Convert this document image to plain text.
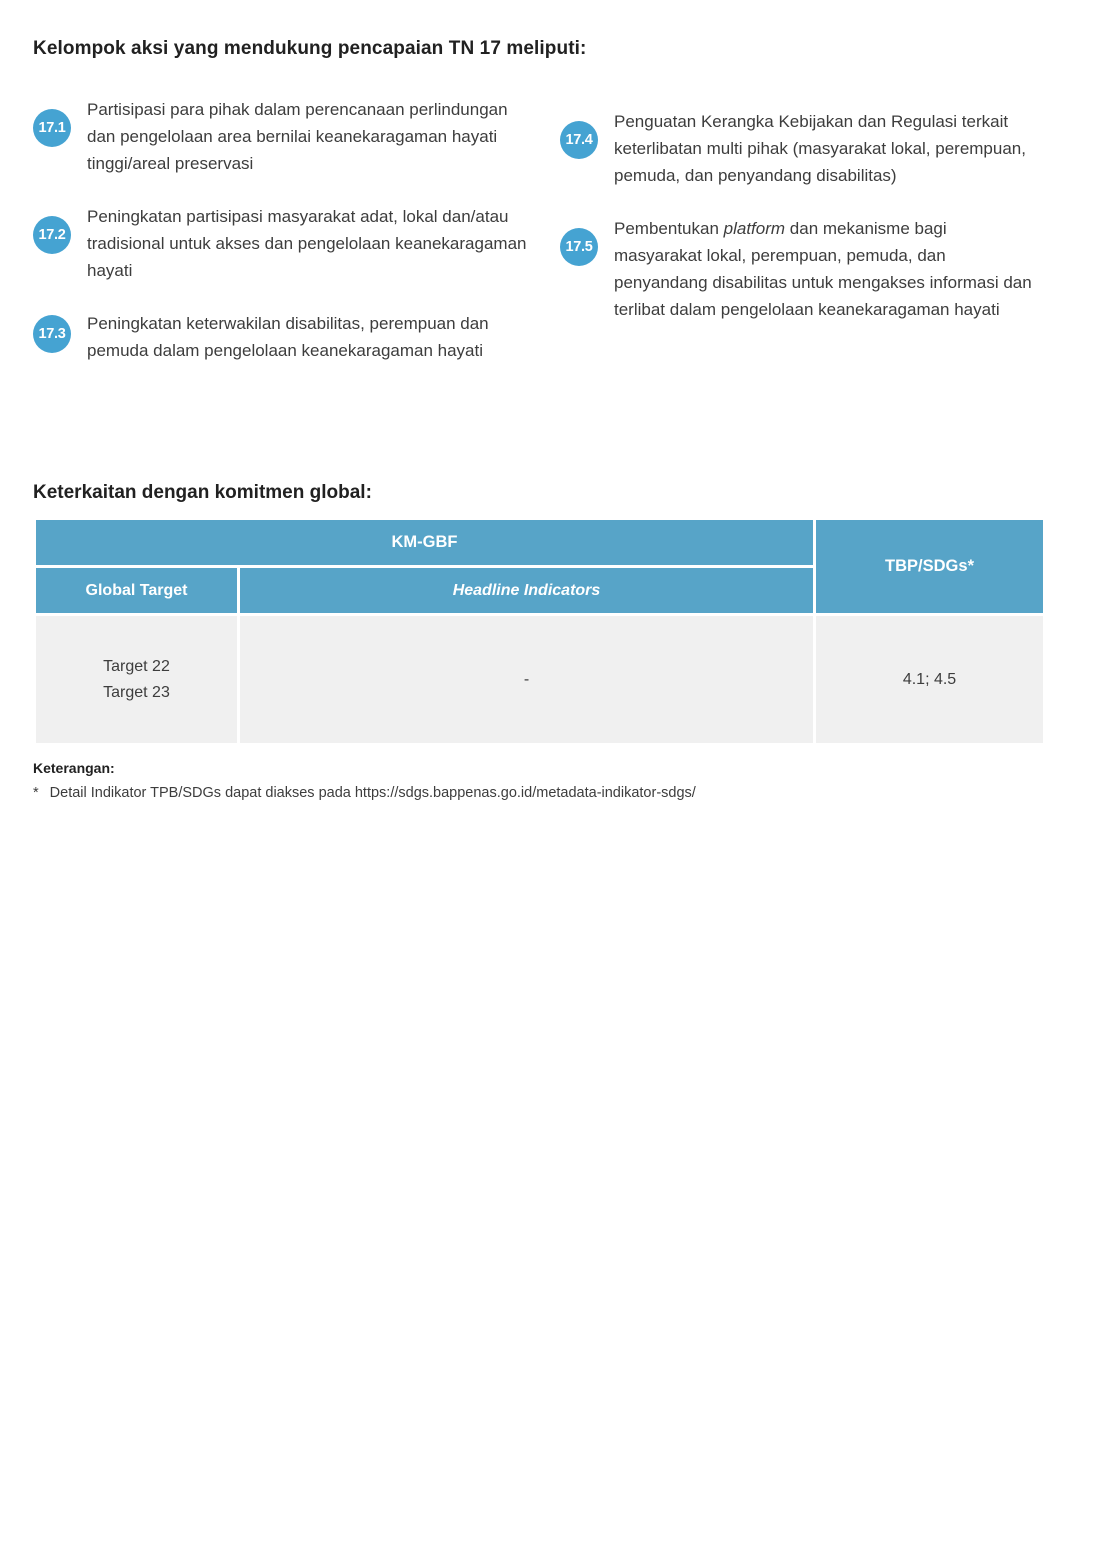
Kelompok aksi yang mendukung pencapaian TN 17 meliputi:
17.1
Partisipasi para pihak dalam perencanaan perlindungan dan pengelolaan area bernilai keanekaragaman hayati tinggi/areal preservasi
17.2
Peningkatan partisipasi masyarakat adat, lokal dan/atau tradisional untuk akses dan pengelolaan keanekaragaman hayati
17.3
Peningkatan keterwakilan disabilitas, perempuan dan pemuda dalam pengelolaan keanekaragaman hayati
17.4
Penguatan Kerangka Kebijakan dan Regulasi terkait keterlibatan multi pihak (masyarakat lokal, perempuan, pemuda, dan penyandang disabilitas)
17.5
Pembentukan platform dan mekanisme bagi masyarakat lokal, perempuan, pemuda, dan penyandang disabilitas untuk mengakses informasi dan terlibat dalam pengelolaan keanekaragaman hayati
Keterkaitan dengan komitmen global:
KM-GBF		TBP/SDGs*
Global Target	Headline Indicators	

Target 22
Target 23	-	4.1; 4.5
Keterangan:
* Detail Indikator TPB/SDGs dapat diakses pada https://sdgs.bappenas.go.id/metadata-indikator-sdgs/
